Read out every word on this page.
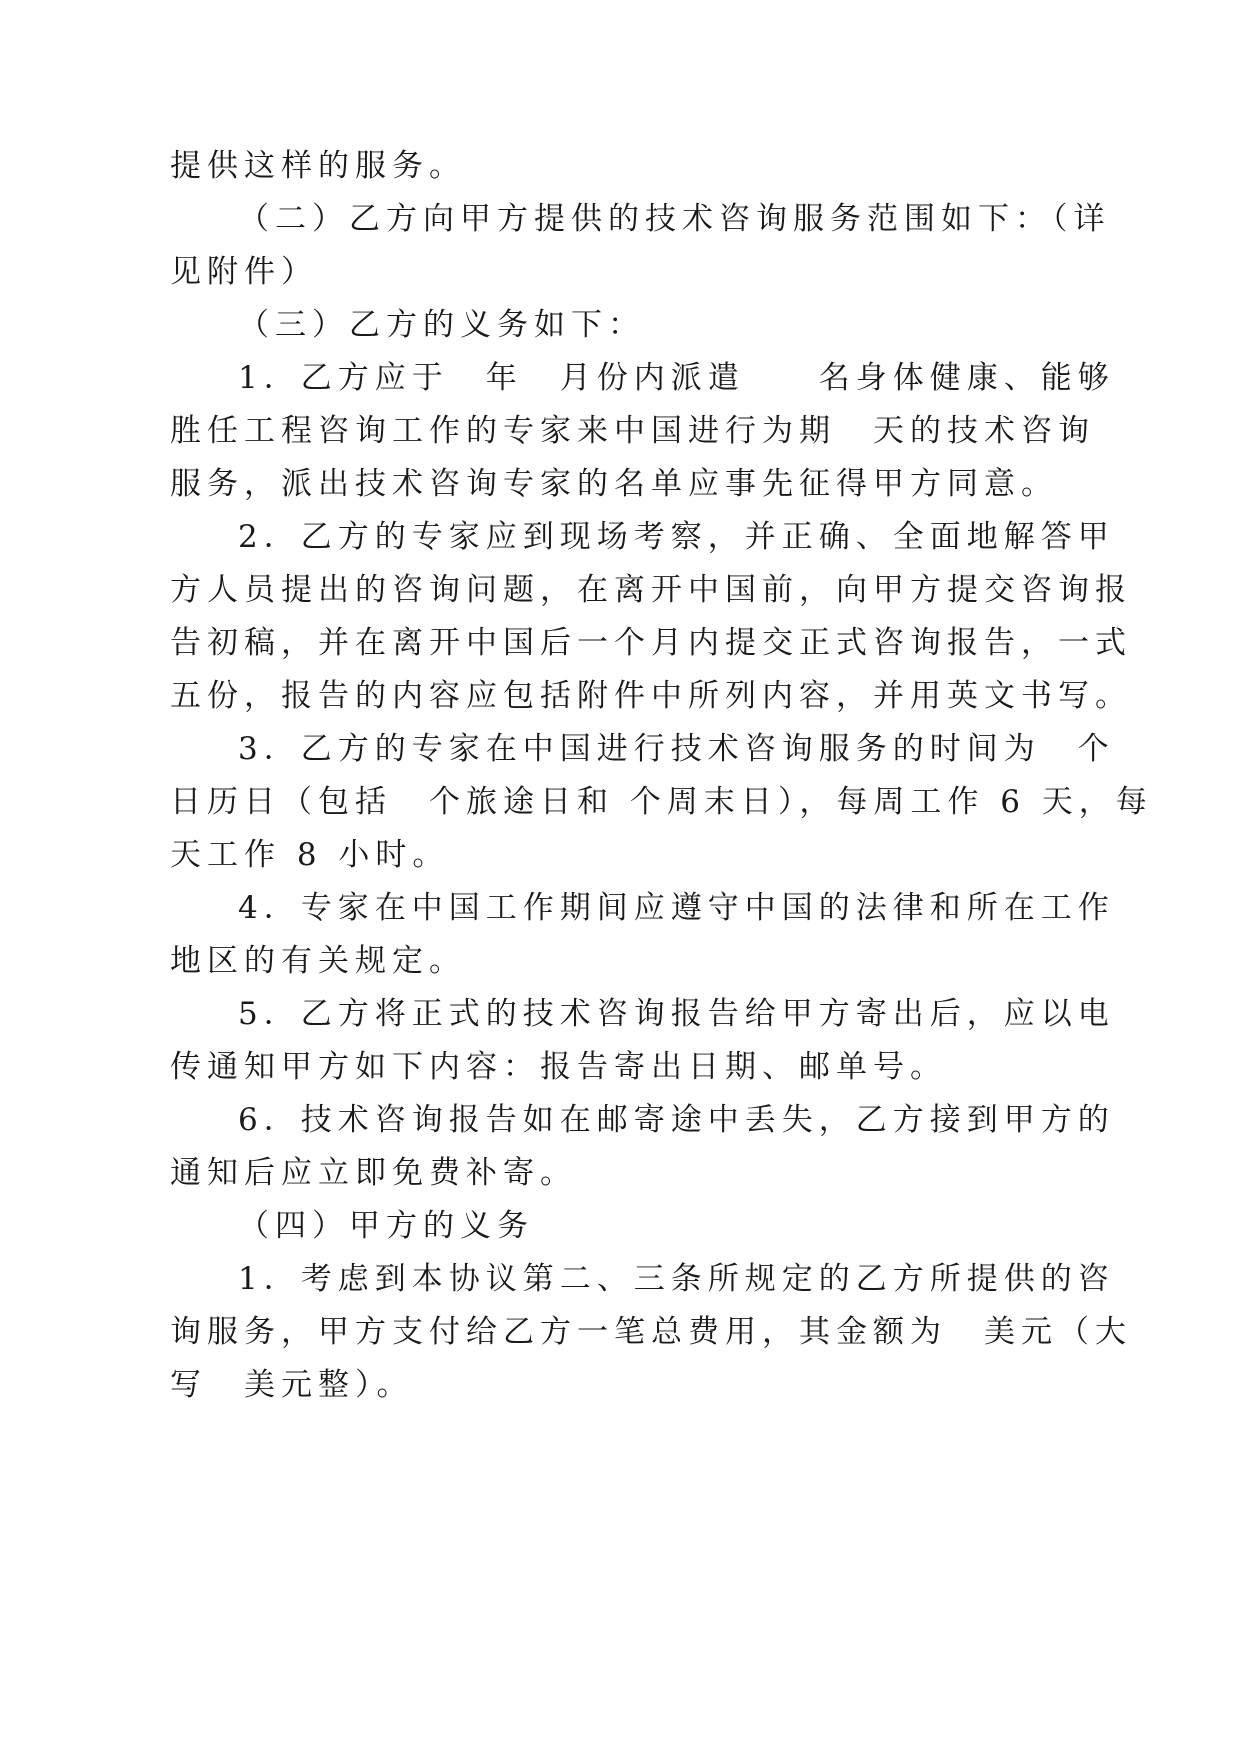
提供这样的服务。
（二）乙方向甲方提供的技术咨询服务范围如下：（详
见附件）
（三）乙方的义务如下：
1．乙方应于　年　月份内派遣　　名身体健康、能够
胜任工程咨询工作的专家来中国进行为期　天的技术咨询
服务，派出技术咨询专家的名单应事先征得甲方同意。
2．乙方的专家应到现场考察，并正确、全面地解答甲
方人员提出的咨询问题，在离开中国前，向甲方提交咨询报
告初稿，并在离开中国后一个月内提交正式咨询报告，一式
五份，报告的内容应包括附件中所列内容，并用英文书写。
3．乙方的专家在中国进行技术咨询服务的时间为　个
日历日（包括　个旅途日和 个周末日），每周工作 6 天，每
天工作 8 小时。
4．专家在中国工作期间应遵守中国的法律和所在工作
地区的有关规定。
5．乙方将正式的技术咨询报告给甲方寄出后，应以电
传通知甲方如下内容：报告寄出日期、邮单号。
6．技术咨询报告如在邮寄途中丢失，乙方接到甲方的
通知后应立即免费补寄。
（四）甲方的义务
1．考虑到本协议第二、三条所规定的乙方所提供的咨
询服务，甲方支付给乙方一笔总费用，其金额为　美元（大
写　美元整）。
